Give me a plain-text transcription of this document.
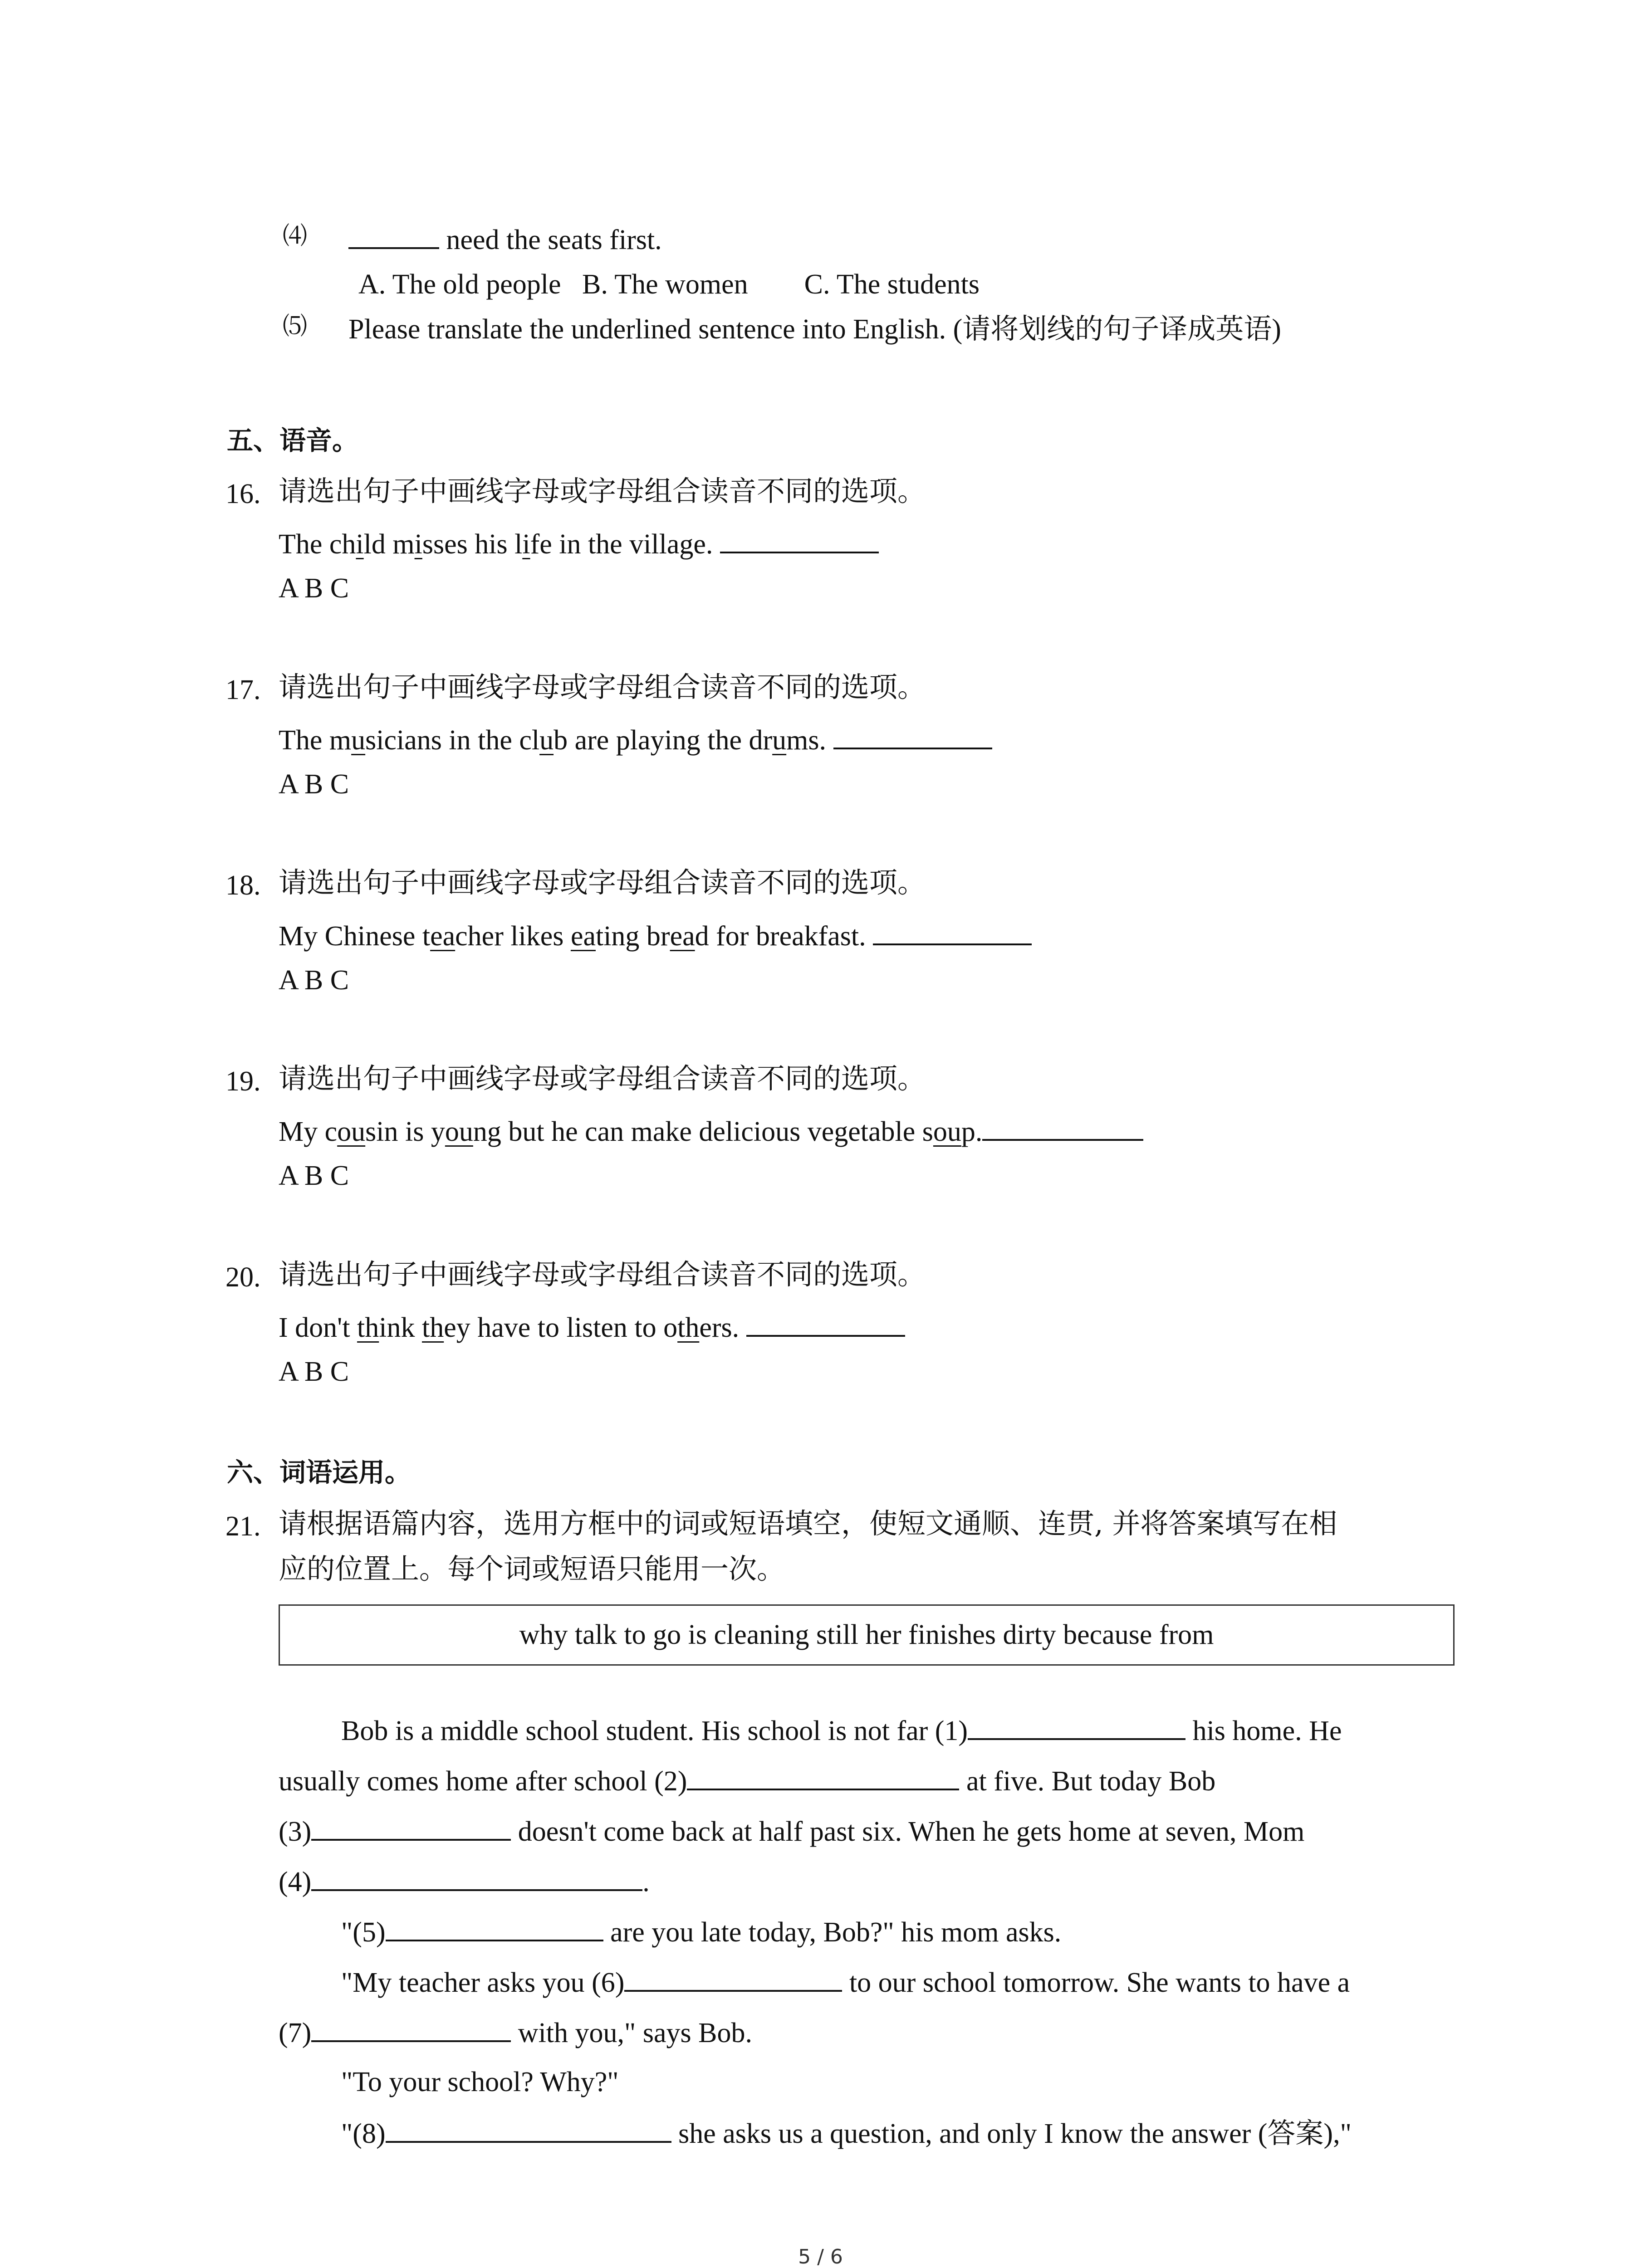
⑷	need the seats first.
A. The old people   B. The women        C. The students
⑸ Please translate the underlined sentence into English. (请将划线的句子译成英语)
五、语音。
16. 请选出句子中画线字母或字母组合读音不同的选项。
The child misses his life in the village.
A B C
17. 请选出句子中画线字母或字母组合读音不同的选项。
The musicians in the club are playing the drums.
A B C
18. 请选出句子中画线字母或字母组合读音不同的选项。
My Chinese teacher likes eating bread for breakfast.
A B C
19. 请选出句子中画线字母或字母组合读音不同的选项。
My cousin is young but he can make delicious vegetable soup.
A B C
20. 请选出句子中画线字母或字母组合读音不同的选项。
I don't think they have to listen to others.
A B C
六、词语运用。
21. 请根据语篇内容，选用方框中的词或短语填空，使短文通顺、连贯, 并将答案填写在相
应的位置上。每个词或短语只能用一次。
why talk to go is cleaning still her finishes dirty because from
Bob is a middle school student. His school is not far (1)	his home. He
usually comes home after school (2)	at five. But today Bob
(3)	doesn't come back at half past six. When he gets home at seven, Mom
(4)	.
"(5)	are you late today, Bob?" his mom asks.
"My teacher asks you (6)	to our school tomorrow. She wants to have a
(7)	with you," says Bob.
"To your school? Why?"
"(8)	she asks us a question, and only I know the answer (答案),"
5 / 6
